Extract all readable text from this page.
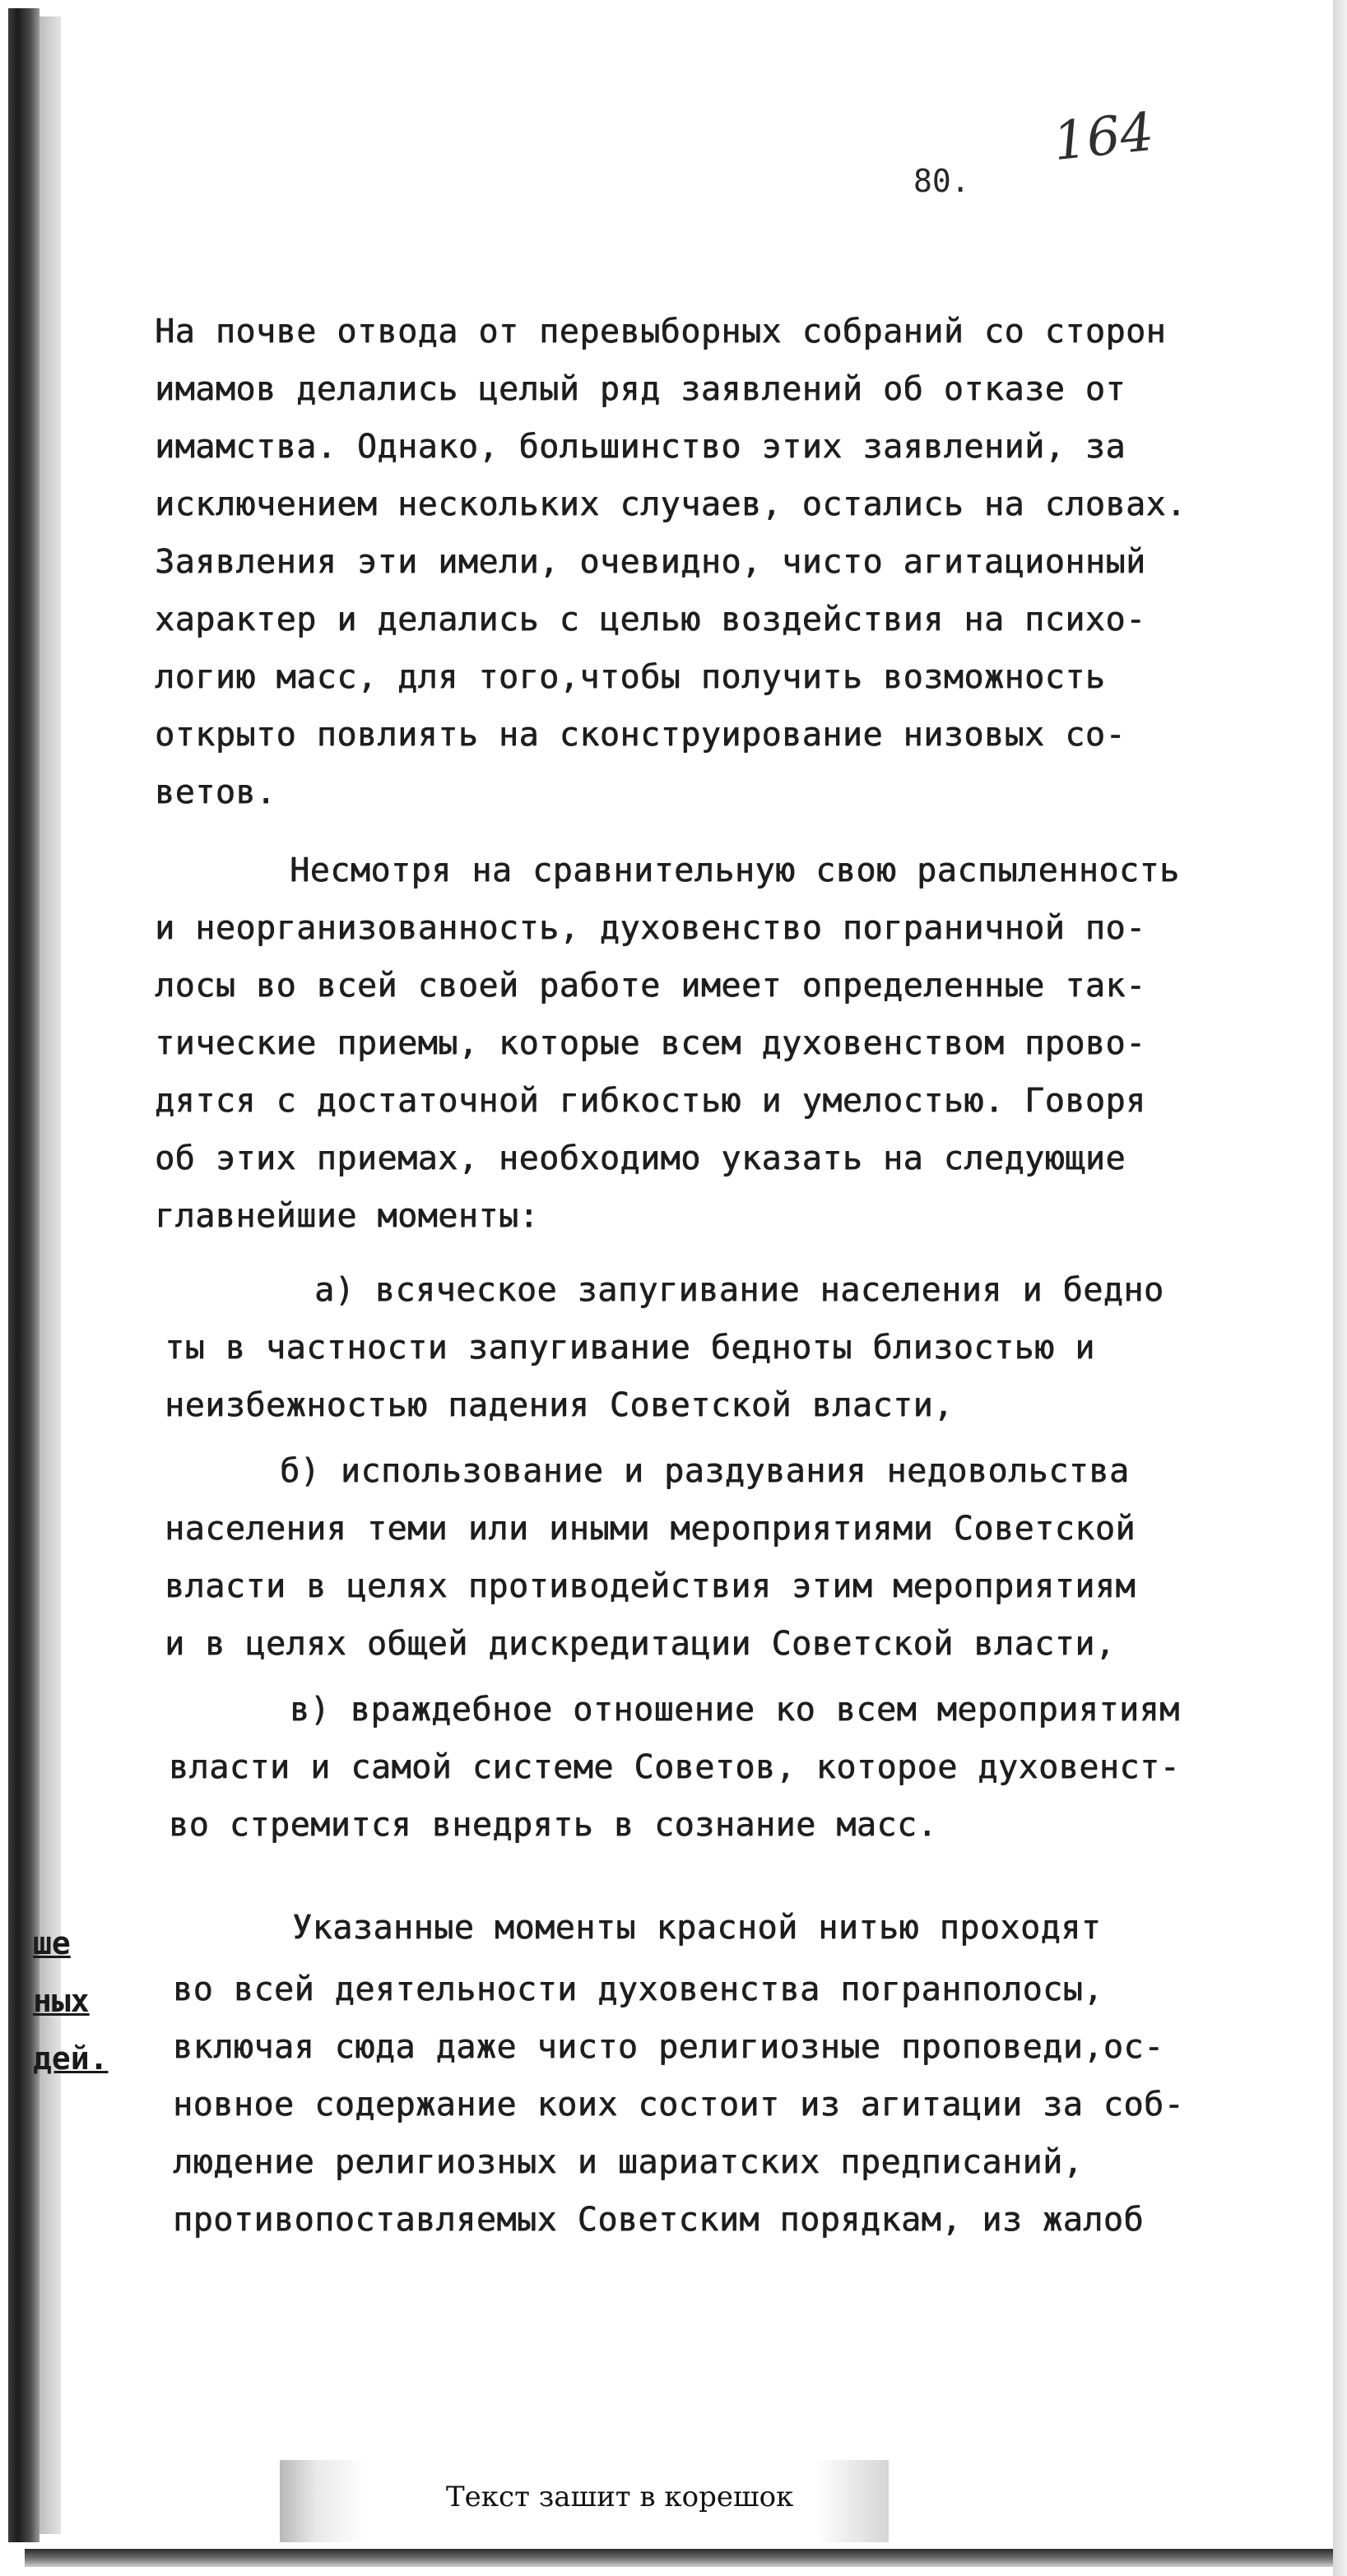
164
80.
На почве отвода от перевыборных собраний со сторон
имамов делались целый ряд заявлений об отказе от
имамства. Однако, большинство этих заявлений, за
исключением нескольких случаев, остались на словах.
Заявления эти имели, очевидно, чисто агитационный
характер и делались с целью воздействия на психо-
логию масс, для того,чтобы получить возможность
открыто повлиять на сконструирование низовых со-
ветов.
Несмотря на сравнительную свою распыленность
и неорганизованность, духовенство пограничной по-
лосы во всей своей работе имеет определенные так-
тические приемы, которые всем духовенством прово-
дятся с достаточной гибкостью и умелостью. Говоря
об этих приемах, необходимо указать на следующие
главнейшие моменты:
а) всяческое запугивание населения и бедно
ты в частности запугивание бедноты близостью и
неизбежностью падения Советской власти,
б) использование и раздувания недовольства
населения теми или иными мероприятиями Советской
власти в целях противодействия этим мероприятиям
и в целях общей дискредитации Советской власти,
в) враждебное отношение ко всем мероприятиям
власти и самой системе Советов, которое духовенст-
во стремится внедрять в сознание масс.
Указанные моменты красной нитью проходят
во всей деятельности духовенства погранполосы,
включая сюда даже чисто религиозные проповеди,ос-
новное содержание коих состоит из агитации за соб-
людение религиозных и шариатских предписаний,
противопоставляемых Советским порядкам, из жалоб
ше
ных
дей.
Текст зашит в корешок
